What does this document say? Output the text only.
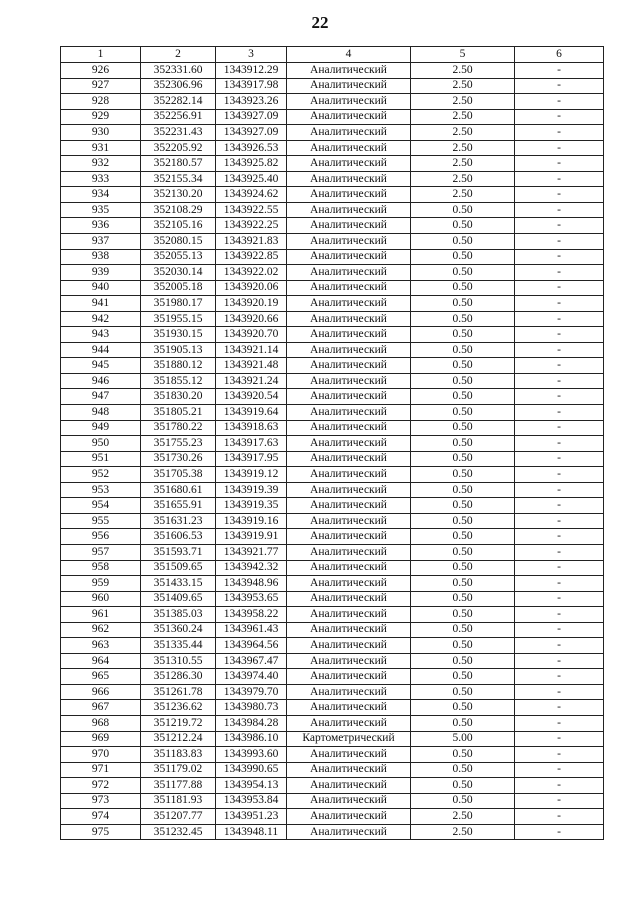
22
1	2	3	4	5	6
926	352331.60	1343912.29	Аналитический	2.50	-
927	352306.96	1343917.98	Аналитический	2.50	-
928	352282.14	1343923.26	Аналитический	2.50	-
929	352256.91	1343927.09	Аналитический	2.50	-
930	352231.43	1343927.09	Аналитический	2.50	-
931	352205.92	1343926.53	Аналитический	2.50	-
932	352180.57	1343925.82	Аналитический	2.50	-
933	352155.34	1343925.40	Аналитический	2.50	-
934	352130.20	1343924.62	Аналитический	2.50	-
935	352108.29	1343922.55	Аналитический	0.50	-
936	352105.16	1343922.25	Аналитический	0.50	-
937	352080.15	1343921.83	Аналитический	0.50	-
938	352055.13	1343922.85	Аналитический	0.50	-
939	352030.14	1343922.02	Аналитический	0.50	-
940	352005.18	1343920.06	Аналитический	0.50	-
941	351980.17	1343920.19	Аналитический	0.50	-
942	351955.15	1343920.66	Аналитический	0.50	-
943	351930.15	1343920.70	Аналитический	0.50	-
944	351905.13	1343921.14	Аналитический	0.50	-
945	351880.12	1343921.48	Аналитический	0.50	-
946	351855.12	1343921.24	Аналитический	0.50	-
947	351830.20	1343920.54	Аналитический	0.50	-
948	351805.21	1343919.64	Аналитический	0.50	-
949	351780.22	1343918.63	Аналитический	0.50	-
950	351755.23	1343917.63	Аналитический	0.50	-
951	351730.26	1343917.95	Аналитический	0.50	-
952	351705.38	1343919.12	Аналитический	0.50	-
953	351680.61	1343919.39	Аналитический	0.50	-
954	351655.91	1343919.35	Аналитический	0.50	-
955	351631.23	1343919.16	Аналитический	0.50	-
956	351606.53	1343919.91	Аналитический	0.50	-
957	351593.71	1343921.77	Аналитический	0.50	-
958	351509.65	1343942.32	Аналитический	0.50	-
959	351433.15	1343948.96	Аналитический	0.50	-
960	351409.65	1343953.65	Аналитический	0.50	-
961	351385.03	1343958.22	Аналитический	0.50	-
962	351360.24	1343961.43	Аналитический	0.50	-
963	351335.44	1343964.56	Аналитический	0.50	-
964	351310.55	1343967.47	Аналитический	0.50	-
965	351286.30	1343974.40	Аналитический	0.50	-
966	351261.78	1343979.70	Аналитический	0.50	-
967	351236.62	1343980.73	Аналитический	0.50	-
968	351219.72	1343984.28	Аналитический	0.50	-
969	351212.24	1343986.10	Картометрический	5.00	-
970	351183.83	1343993.60	Аналитический	0.50	-
971	351179.02	1343990.65	Аналитический	0.50	-
972	351177.88	1343954.13	Аналитический	0.50	-
973	351181.93	1343953.84	Аналитический	0.50	-
974	351207.77	1343951.23	Аналитический	2.50	-
975	351232.45	1343948.11	Аналитический	2.50	-
